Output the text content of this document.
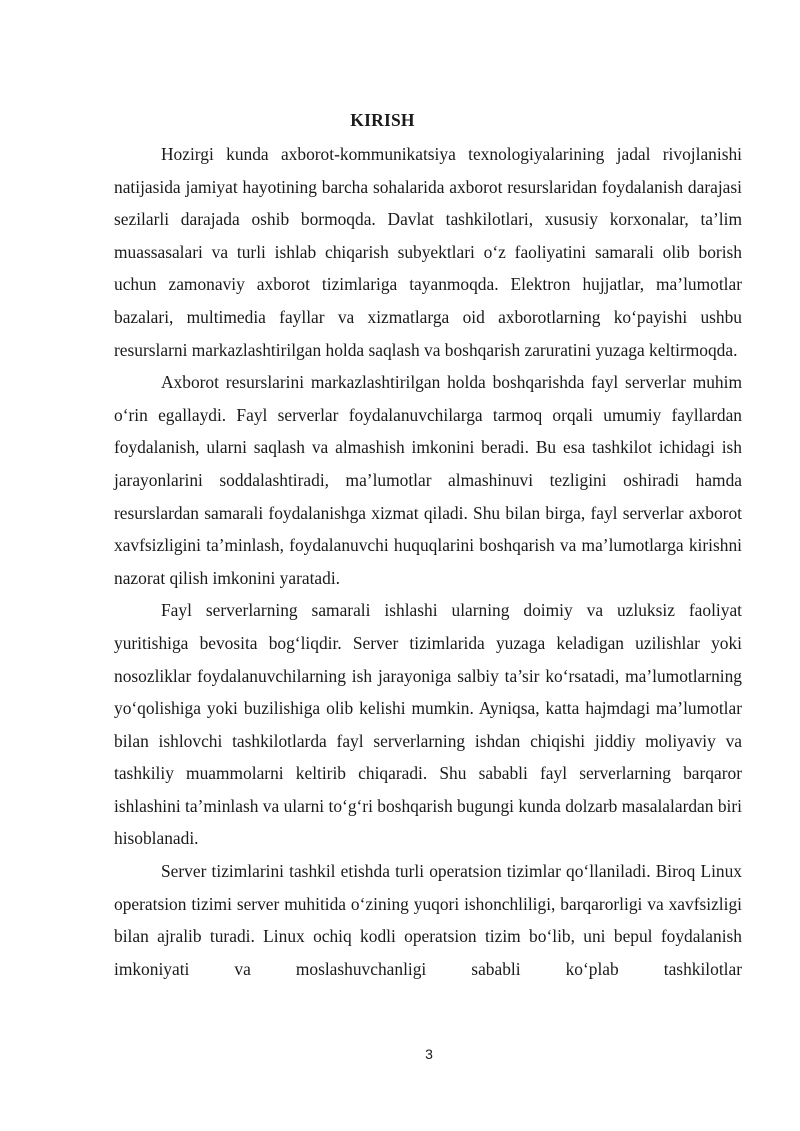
KIRISH

Hozirgi kunda axborot-kommunikatsiya texnologiyalarining jadal rivojlanishi natijasida jamiyat hayotining barcha sohalarida axborot resurslaridan foydalanish darajasi sezilarli darajada oshib bormoqda. Davlat tashkilotlari, xususiy korxonalar, ta’lim muassasalari va turli ishlab chiqarish subyektlari o‘z faoliyatini samarali olib borish uchun zamonaviy axborot tizimlariga tayanmoqda. Elektron hujjatlar, ma’lumotlar bazalari, multimedia fayllar va xizmatlarga oid axborotlarning ko‘payishi ushbu resurslarni markazlashtirilgan holda saqlash va boshqarish zaruratini yuzaga keltirmoqda.

Axborot resurslarini markazlashtirilgan holda boshqarishda fayl serverlar muhim o‘rin egallaydi. Fayl serverlar foydalanuvchilarga tarmoq orqali umumiy fayllardan foydalanish, ularni saqlash va almashish imkonini beradi. Bu esa tashkilot ichidagi ish jarayonlarini soddalashtiradi, ma’lumotlar almashinuvi tezligini oshiradi hamda resurslardan samarali foydalanishga xizmat qiladi. Shu bilan birga, fayl serverlar axborot xavfsizligini ta’minlash, foydalanuvchi huquqlarini boshqarish va ma’lumotlarga kirishni nazorat qilish imkonini yaratadi.

Fayl serverlarning samarali ishlashi ularning doimiy va uzluksiz faoliyat yuritishiga bevosita bog‘liqdir. Server tizimlarida yuzaga keladigan uzilishlar yoki nosozliklar foydalanuvchilarning ish jarayoniga salbiy ta’sir ko‘rsatadi, ma’lumotlarning yo‘qolishiga yoki buzilishiga olib kelishi mumkin. Ayniqsa, katta hajmdagi ma’lumotlar bilan ishlovchi tashkilotlarda fayl serverlarning ishdan chiqishi jiddiy moliyaviy va tashkiliy muammolarni keltirib chiqaradi. Shu sababli fayl serverlarning barqaror ishlashini ta’minlash va ularni to‘g‘ri boshqarish bugungi kunda dolzarb masalalardan biri hisoblanadi.

Server tizimlarini tashkil etishda turli operatsion tizimlar qo‘llaniladi. Biroq Linux operatsion tizimi server muhitida o‘zining yuqori ishonchliligi, barqarorligi va xavfsizligi bilan ajralib turadi. Linux ochiq kodli operatsion tizim bo‘lib, uni bepul foydalanish imkoniyati va moslashuvchanligi sababli ko‘plab tashkilotlar

3
